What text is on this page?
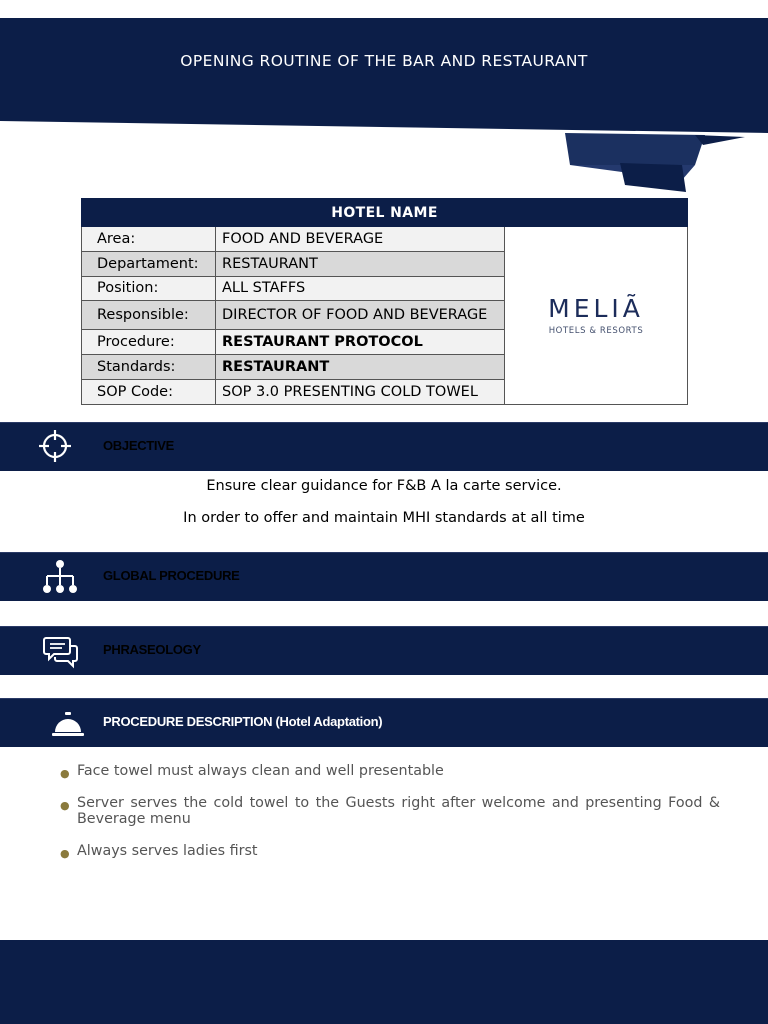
OPENING ROUTINE OF THE BAR AND RESTAURANT
HOTEL NAME		
Area:	FOOD AND BEVERAGE	MELIÃ
HOTELS & RESORTS

Departament:	RESTAURANT	
Position:	ALL STAFFS	
Responsible:	DIRECTOR OF FOOD AND BEVERAGE	
Procedure:	RESTAURANT PROTOCOL	
Standards:	RESTAURANT	
SOP Code:	SOP 3.0 PRESENTING COLD TOWEL	
OBJECTIVE
Ensure clear guidance for F&B A la carte service.
In order to offer and maintain MHI standards at all time
GLOBAL PROCEDURE
PHRASEOLOGY
PROCEDURE DESCRIPTION (Hotel Adaptation)
● Face towel must always clean and well presentable
● Server serves the cold towel to the Guests right after welcome and presenting Food & Beverage menu
● Always serves ladies first
